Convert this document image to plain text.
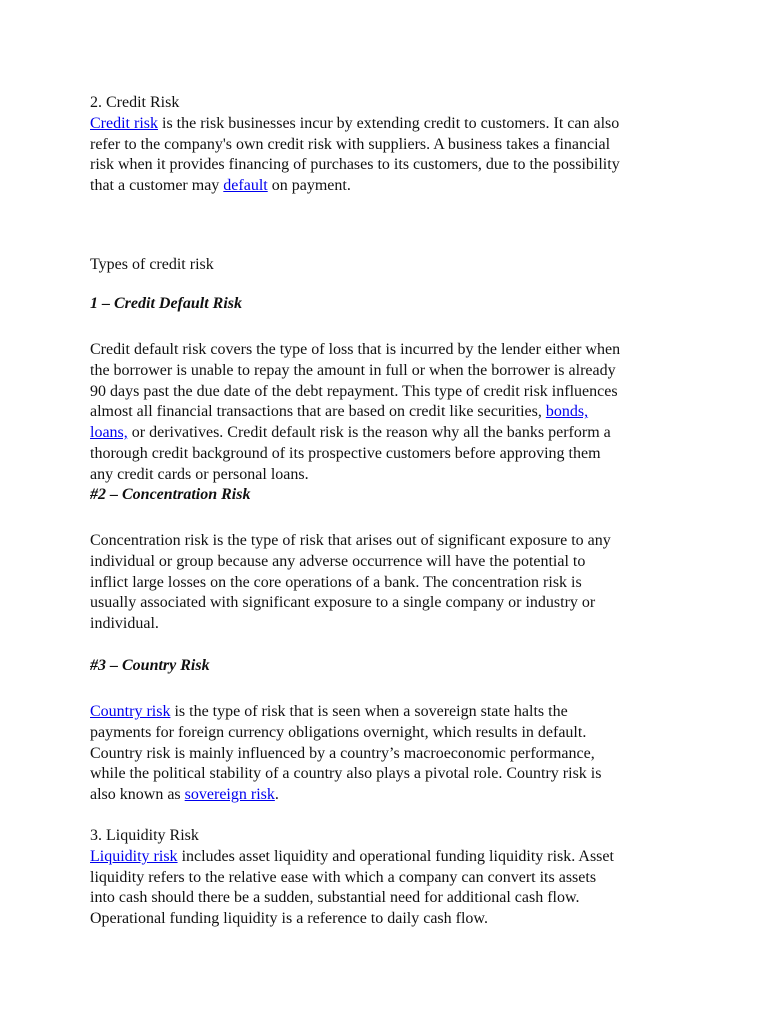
2. Credit Risk
Credit risk is the risk businesses incur by extending credit to customers. It can also
refer to the company's own credit risk with suppliers. A business takes a financial
risk when it provides financing of purchases to its customers, due to the possibility
that a customer may default on payment.
Types of credit risk
1 – Credit Default Risk
Credit default risk covers the type of loss that is incurred by the lender either when
the borrower is unable to repay the amount in full or when the borrower is already
90 days past the due date of the debt repayment. This type of credit risk influences
almost all financial transactions that are based on credit like securities, bonds,
loans, or derivatives. Credit default risk is the reason why all the banks perform a
thorough credit background of its prospective customers before approving them
any credit cards or personal loans.
#2 – Concentration Risk
Concentration risk is the type of risk that arises out of significant exposure to any
individual or group because any adverse occurrence will have the potential to
inflict large losses on the core operations of a bank. The concentration risk is
usually associated with significant exposure to a single company or industry or
individual.
#3 – Country Risk
Country risk is the type of risk that is seen when a sovereign state halts the
payments for foreign currency obligations overnight, which results in default.
Country risk is mainly influenced by a country’s macroeconomic performance,
while the political stability of a country also plays a pivotal role. Country risk is
also known as sovereign risk.
3. Liquidity Risk
Liquidity risk includes asset liquidity and operational funding liquidity risk. Asset
liquidity refers to the relative ease with which a company can convert its assets
into cash should there be a sudden, substantial need for additional cash flow.
Operational funding liquidity is a reference to daily cash flow.
